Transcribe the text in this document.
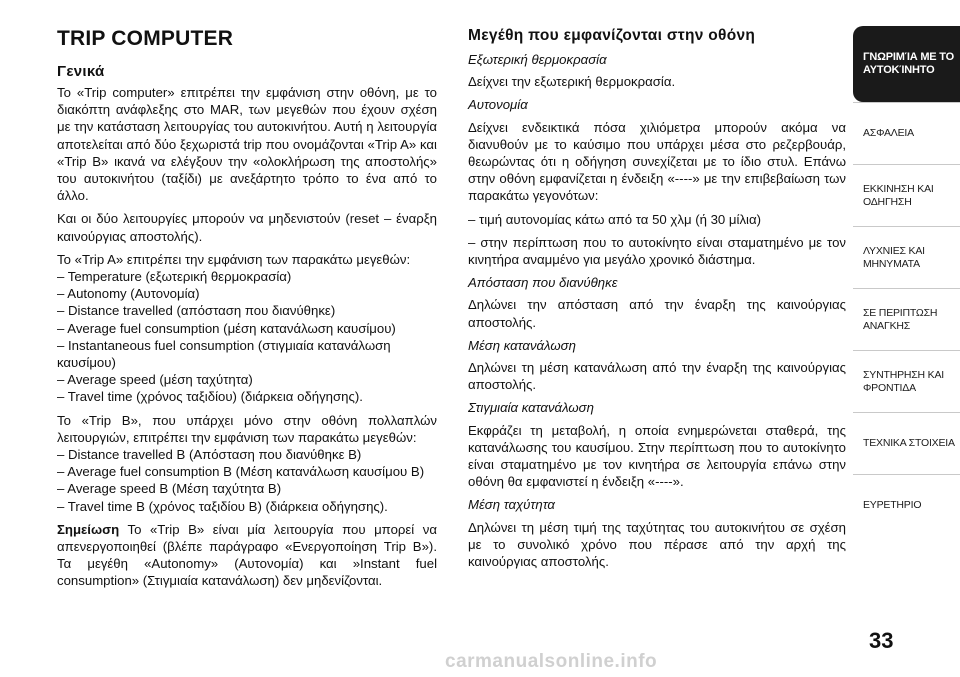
TRIP COMPUTER
Γενικά

Το «Trip computer» επιτρέπει την εμφάνιση στην οθόνη, με το διακόπτη ανάφλεξης στο MAR, των μεγεθών που έχουν σχέση με την κατάσταση λειτουργίας του αυτοκινήτου. Αυτή η λειτουργία αποτελείται από δύο ξεχωριστά trip που ονομάζονται «Trip A» και «Trip B» ικανά να ελέγξουν την «ολοκλήρωση της αποστολής» του αυτοκινήτου (ταξίδι) με ανεξάρτητο τρόπο το ένα από το άλλο.

Και οι δύο λειτουργίες μπορούν να μηδενιστούν (reset – έναρξη καινούργιας αποστολής).

Το «Trip A» επιτρέπει την εμφάνιση των παρακάτω μεγεθών:

– Temperature (εξωτερική θερμοκρασία)
– Autonomy (Αυτονομία)
– Distance travelled (απόσταση που διανύθηκε)
– Average fuel consumption (μέση κατανάλωση καυσίμου)
– Instantaneous fuel consumption (στιγμιαία κατανάλωση καυσίμου)
– Average speed (μέση ταχύτητα)
– Travel time (χρόνος ταξιδίου) (διάρκεια οδήγησης).

Το «Trip B», που υπάρχει μόνο στην οθόνη πολλαπλών λειτουργιών, επιτρέπει την εμφάνιση των παρακάτω μεγεθών:

– Distance travelled B (Απόσταση που διανύθηκε B)
– Average fuel consumption B (Μέση κατανάλωση καυσίμου B)
– Average speed B (Μέση ταχύτητα B)
– Travel time B (χρόνος ταξιδίου B) (διάρκεια οδήγησης).

Σημείωση Το «Trip B» είναι μία λειτουργία που μπορεί να απενεργοποιηθεί (βλέπε παράγραφο «Ενεργοποίηση Trip B»). Τα μεγέθη «Autonomy» (Αυτονομία) και »Instant fuel consumption» (Στιγμιαία κατανάλωση) δεν μηδενίζονται.

Μεγέθη που εμφανίζονται στην οθόνη
Εξωτερική θερμοκρασία

Δείχνει την εξωτερική θερμοκρασία.

Αυτονομία

Δείχνει ενδεικτικά πόσα χιλιόμετρα μπορούν ακόμα να διανυθούν με το καύσιμο που υπάρχει μέσα στο ρεζερβουάρ, θεωρώντας ότι η οδήγηση συνεχίζεται με το ίδιο στυλ. Επάνω στην οθόνη εμφανίζεται η ένδειξη «----» με την επιβεβαίωση των παρακάτω γεγονότων:

– τιμή αυτονομίας κάτω από τα 50 χλμ (ή 30 μίλια)

– στην περίπτωση που το αυτοκίνητο είναι σταματημένο με τον κινητήρα αναμμένο για μεγάλο χρονικό διάστημα.

Απόσταση που διανύθηκε

Δηλώνει την απόσταση από την έναρξη της καινούργιας αποστολής.

Μέση κατανάλωση

Δηλώνει τη μέση κατανάλωση από την έναρξη της καινούργιας αποστολής.

Στιγμιαία κατανάλωση

Εκφράζει τη μεταβολή, η οποία ενημερώνεται σταθερά, της κατανάλωσης του καυσίμου. Στην περίπτωση που το αυτοκίνητο είναι σταματημένο με τον κινητήρα σε λειτουργία επάνω στην οθόνη θα εμφανιστεί η ένδειξη «----».

Μέση ταχύτητα

Δηλώνει τη μέση τιμή της ταχύτητας του αυτοκινήτου σε σχέση με το συνολικό χρόνο που πέρασε από την αρχή της καινούργιας αποστολής.

ΓΝΩΡΙΜΊΑ ΜΕ ΤΟ
ΑΥΤΟΚΊΝΗΤΟ
ΑΣΦΑΛΕΙΑ
ΕΚΚΙΝΗΣΗ ΚΑΙ
ΟΔΗΓΗΣΗ
ΛΥΧΝΙΕΣ ΚΑΙ
ΜΗΝΥΜΑΤΑ
ΣΕ ΠΕΡΙΠΤΩΣΗ
ΑΝΑΓΚΗΣ
ΣΥΝΤΗΡΗΣΗ ΚΑΙ
ΦΡΟΝΤΙΔΑ
ΤΕΧΝΙΚΑ ΣΤΟΙΧΕΙΑ
ΕΥΡΕΤΗΡΙΟ
33
carmanualsonline.info
